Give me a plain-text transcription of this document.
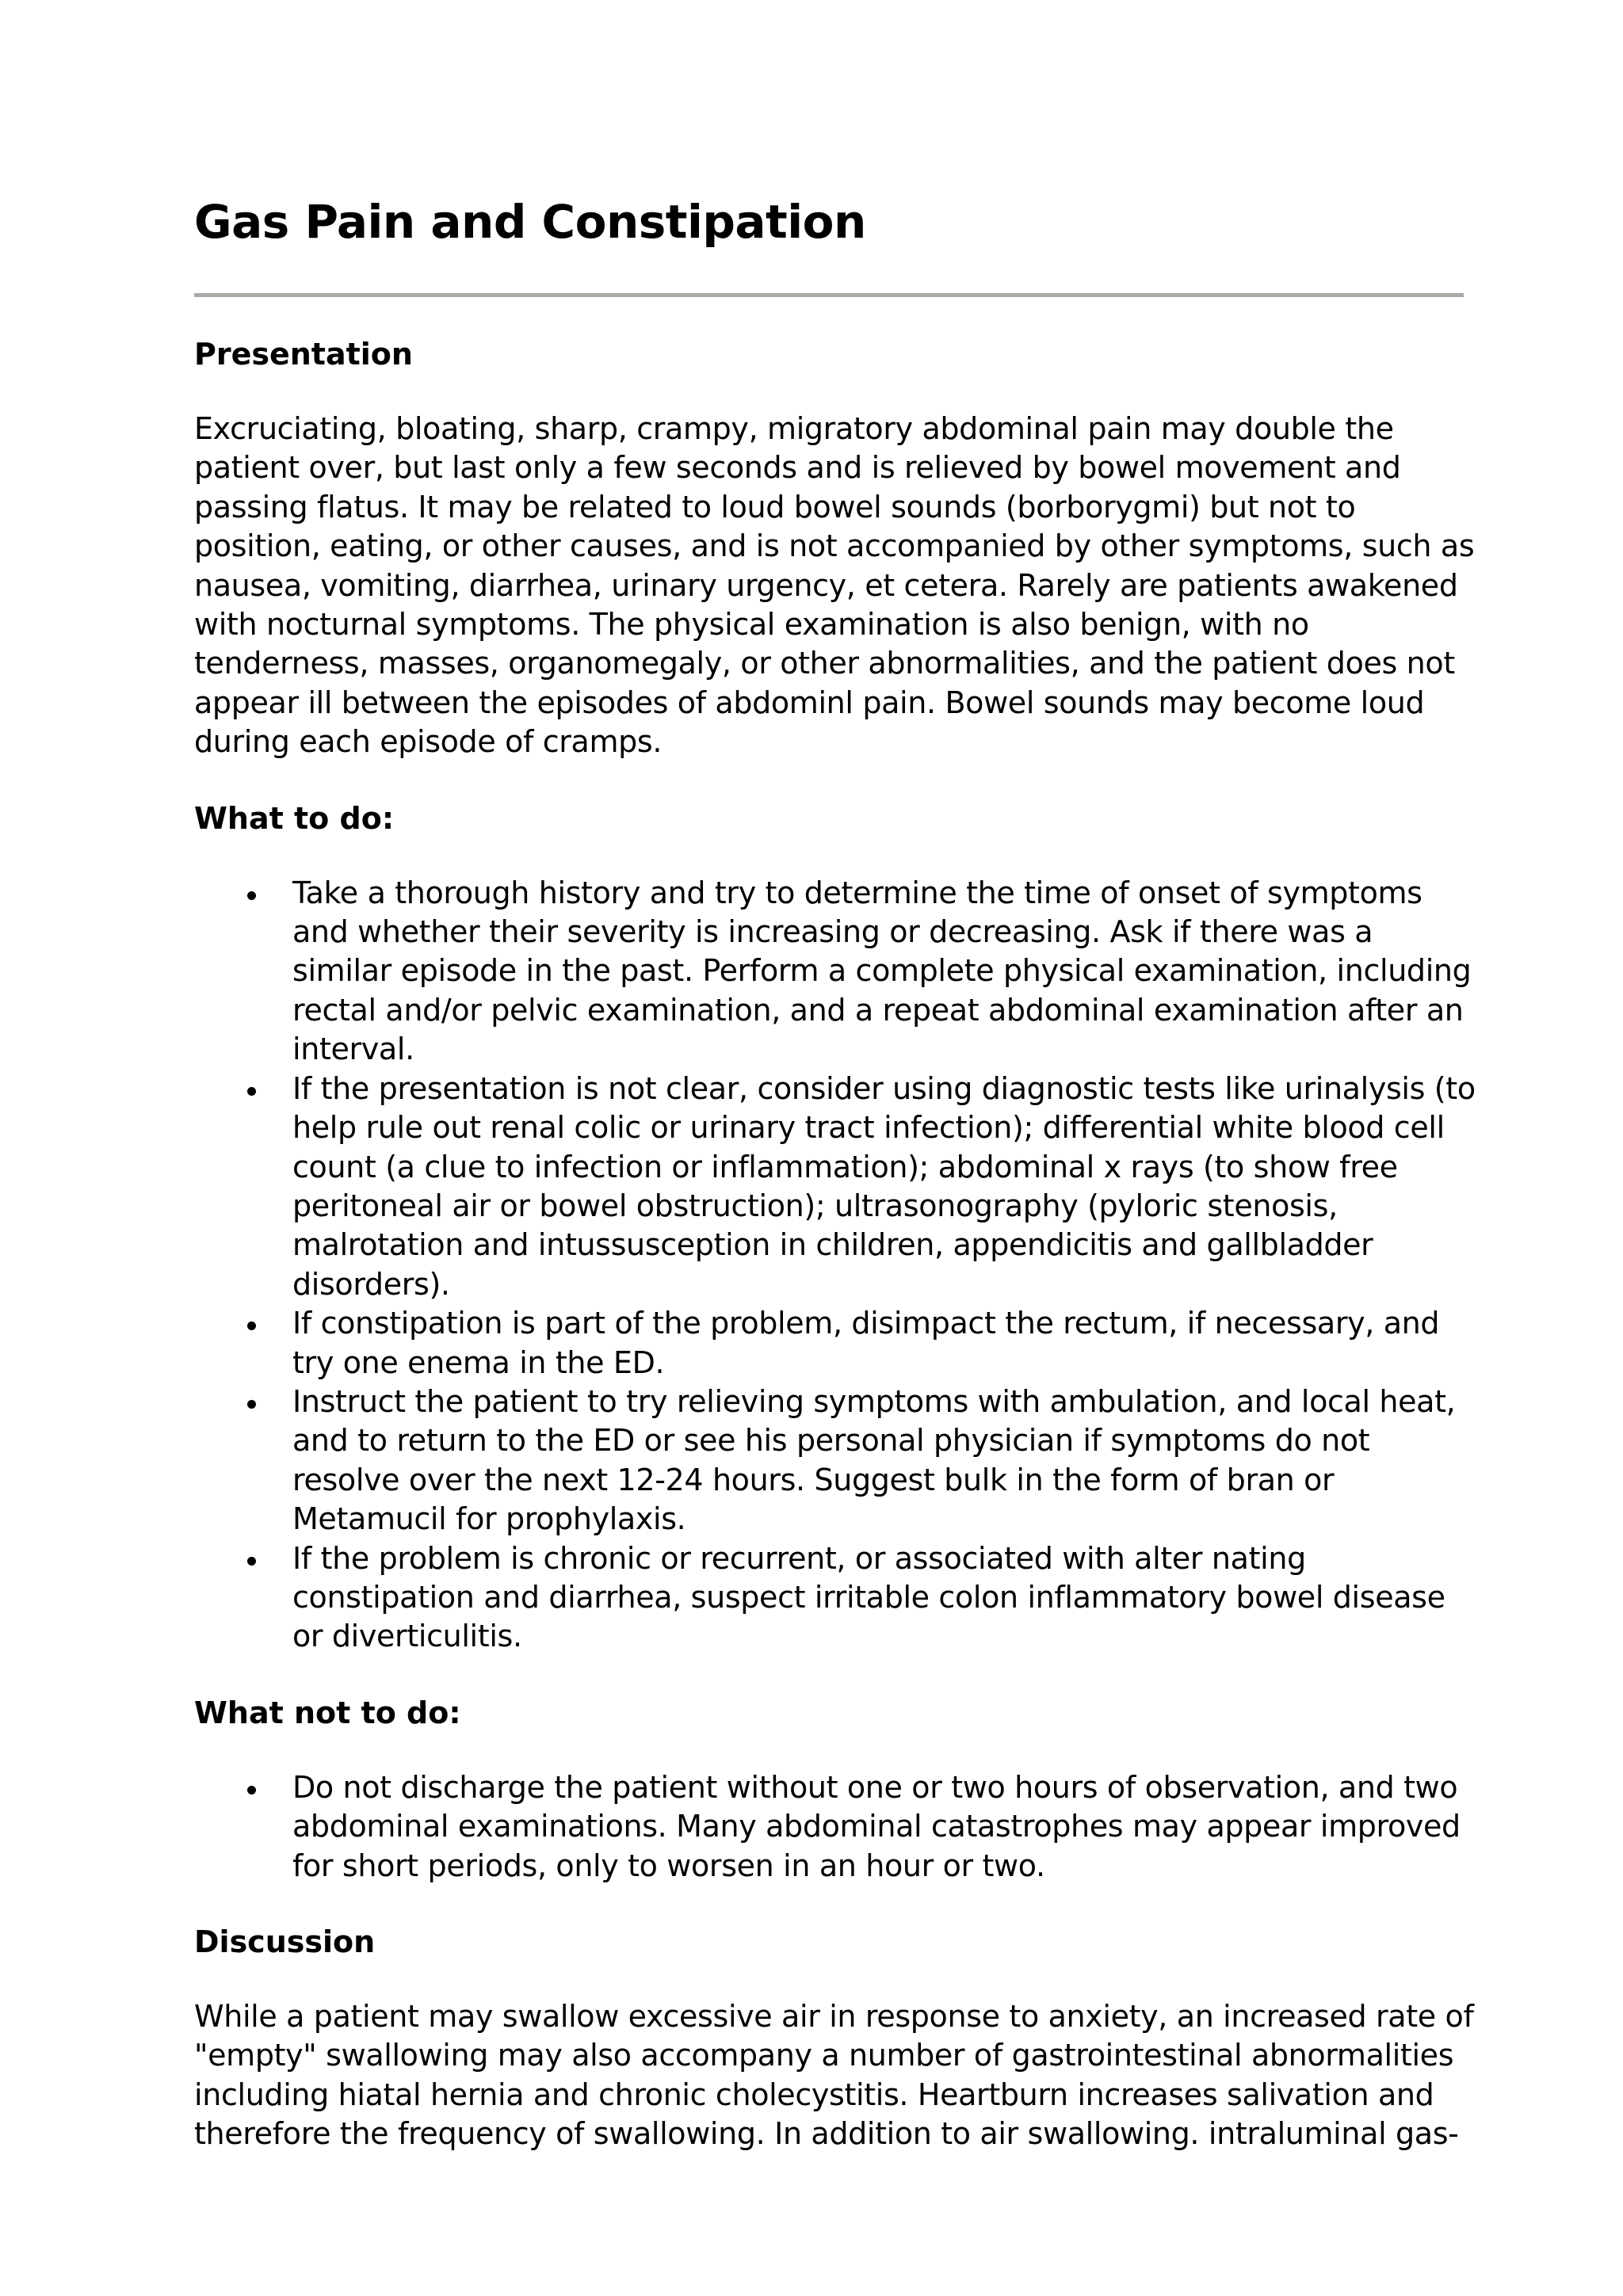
Gas Pain and Constipation
Presentation

Excruciating, bloating, sharp, crampy, migratory abdominal pain may double the patient over, but last only a few seconds and is relieved by bowel movement and passing flatus. It may be related to loud bowel sounds (borborygmi) but not to position, eating, or other causes, and is not accompanied by other symptoms, such as nausea, vomiting, diarrhea, urinary urgency, et cetera. Rarely are patients awakened with nocturnal symptoms. The physical examination is also benign, with no tenderness, masses, organomegaly, or other abnormalities, and the patient does not appear ill between the episodes of abdominl pain. Bowel sounds may become loud during each episode of cramps.

What to do:
Take a thorough history and try to determine the time of onset of symptoms and whether their severity is increasing or decreasing. Ask if there was a similar episode in the past. Perform a complete physical examination, including rectal and/or pelvic examination, and a repeat abdominal examination after an interval.
If the presentation is not clear, consider using diagnostic tests like urinalysis (to help rule out renal colic or urinary tract infection); differential white blood cell count (a clue to infection or inflammation); abdominal x rays (to show free peritoneal air or bowel obstruction); ultrasonography (pyloric stenosis, malrotation and intussusception in children, appendicitis and gallbladder disorders).
If constipation is part of the problem, disimpact the rectum, if necessary, and try one enema in the ED.
Instruct the patient to try relieving symptoms with ambulation, and local heat, and to return to the ED or see his personal physician if symptoms do not resolve over the next 12-24 hours. Suggest bulk in the form of bran or Metamucil for prophylaxis.
If the problem is chronic or recurrent, or associated with alter nating constipation and diarrhea, suspect irritable colon inflammatory bowel disease or diverticulitis.
What not to do:
Do not discharge the patient without one or two hours of observation, and two abdominal examinations. Many abdominal catastrophes may appear improved for short periods, only to worsen in an hour or two.
Discussion

While a patient may swallow excessive air in response to anxiety, an increased rate of "empty" swallowing may also accompany a number of gastrointestinal abnormalities including hiatal hernia and chronic cholecystitis. Heartburn increases salivation and therefore the frequency of swallowing. In addition to air swallowing. intraluminal gas-
